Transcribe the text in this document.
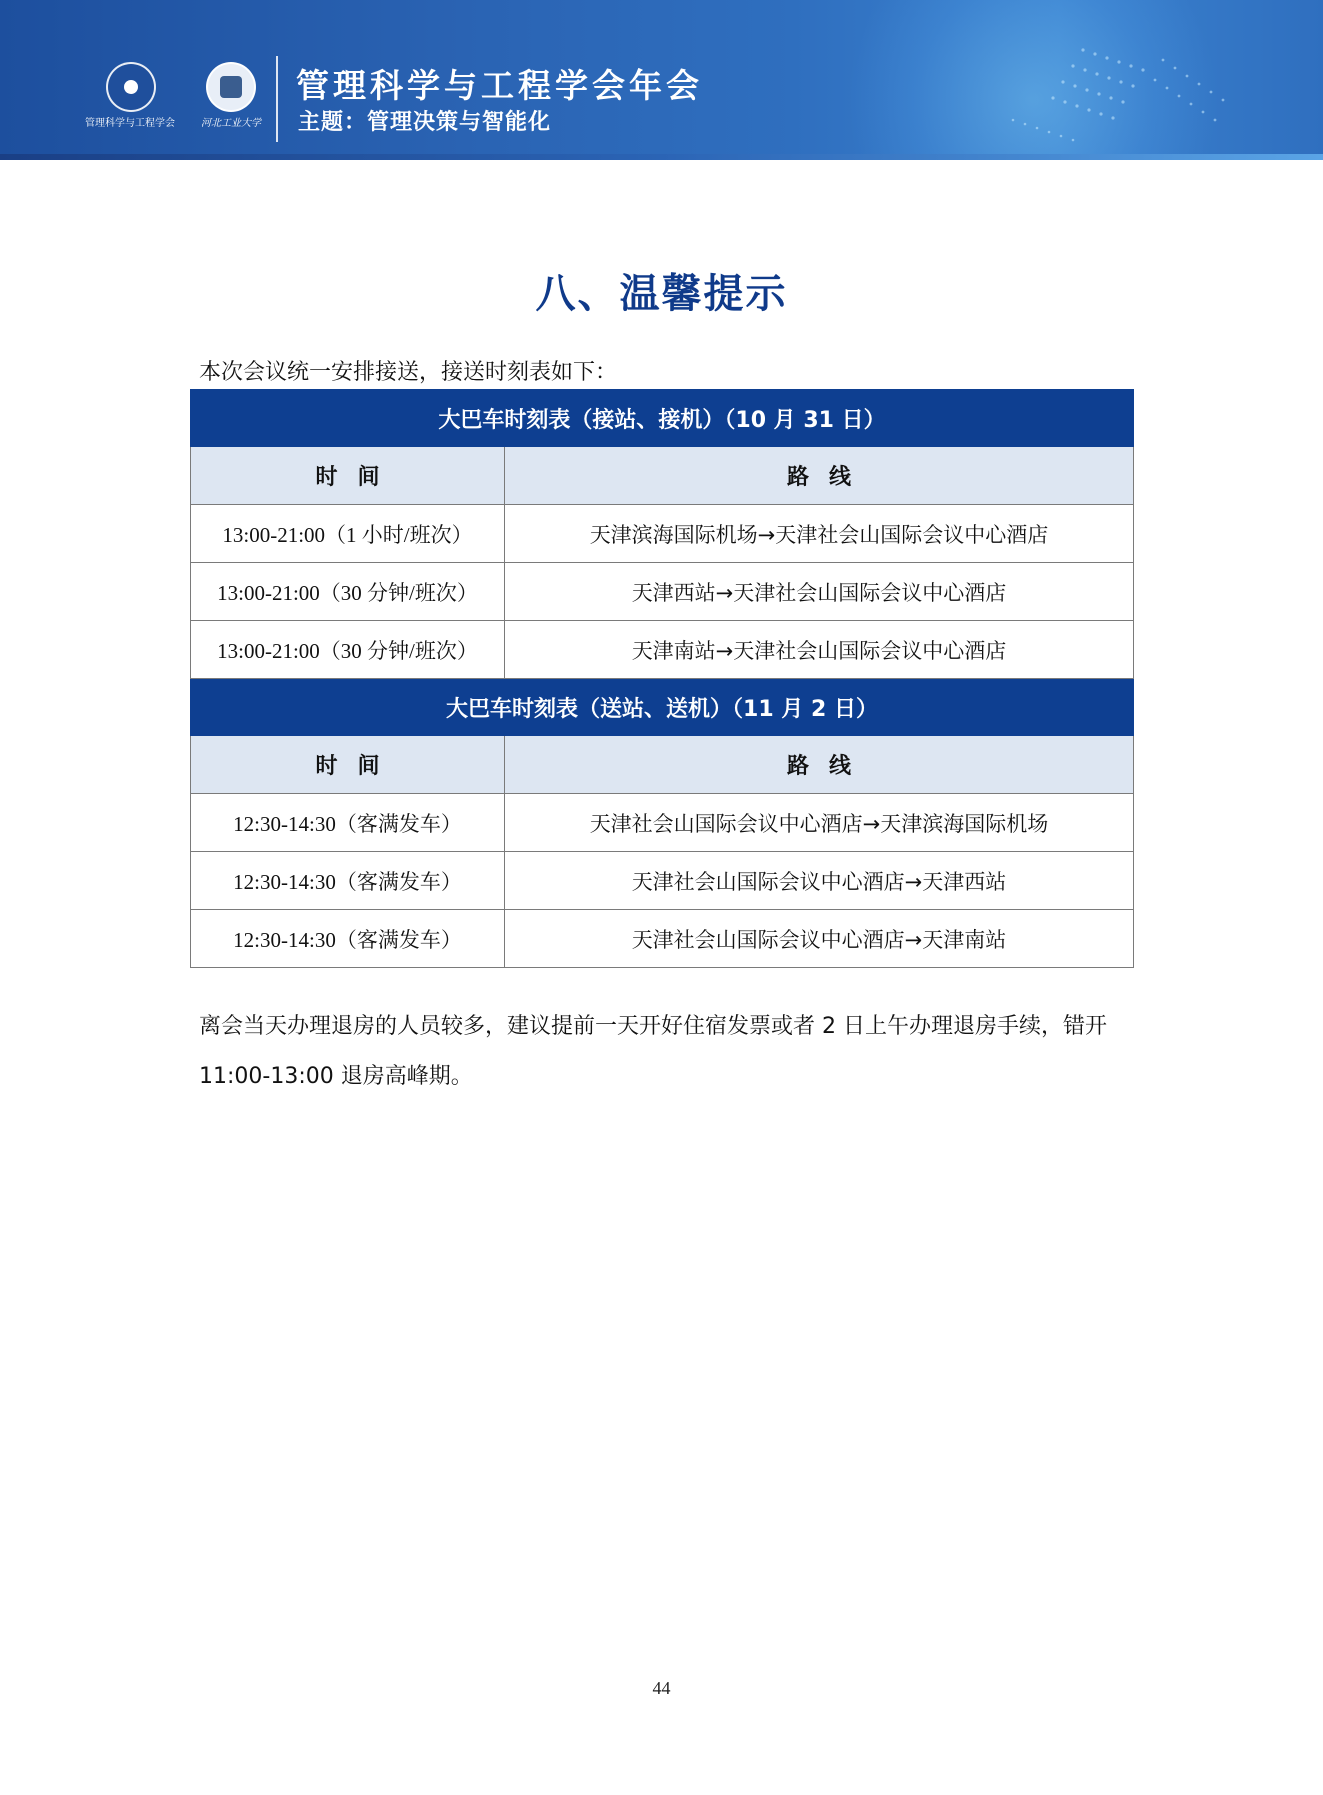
管理科学与工程学会	河北工业大学
管理科学与工程学会年会
主题：管理决策与智能化
八、温馨提示
本次会议统一安排接送，接送时刻表如下：
大巴车时刻表（接站、接机）（10 月 31 日）	
时间	路线
13:00-21:00（1 小时/班次）	天津滨海国际机场→天津社会山国际会议中心酒店
13:00-21:00（30 分钟/班次）	天津西站→天津社会山国际会议中心酒店
13:00-21:00（30 分钟/班次）	天津南站→天津社会山国际会议中心酒店
大巴车时刻表（送站、送机）（11 月 2 日）	
时间	路线
12:30-14:30（客满发车）	天津社会山国际会议中心酒店→天津滨海国际机场
12:30-14:30（客满发车）	天津社会山国际会议中心酒店→天津西站
12:30-14:30（客满发车）	天津社会山国际会议中心酒店→天津南站
离会当天办理退房的人员较多，建议提前一天开好住宿发票或者 2 日上午办理退房手续，错开 11:00-13:00 退房高峰期。
44
